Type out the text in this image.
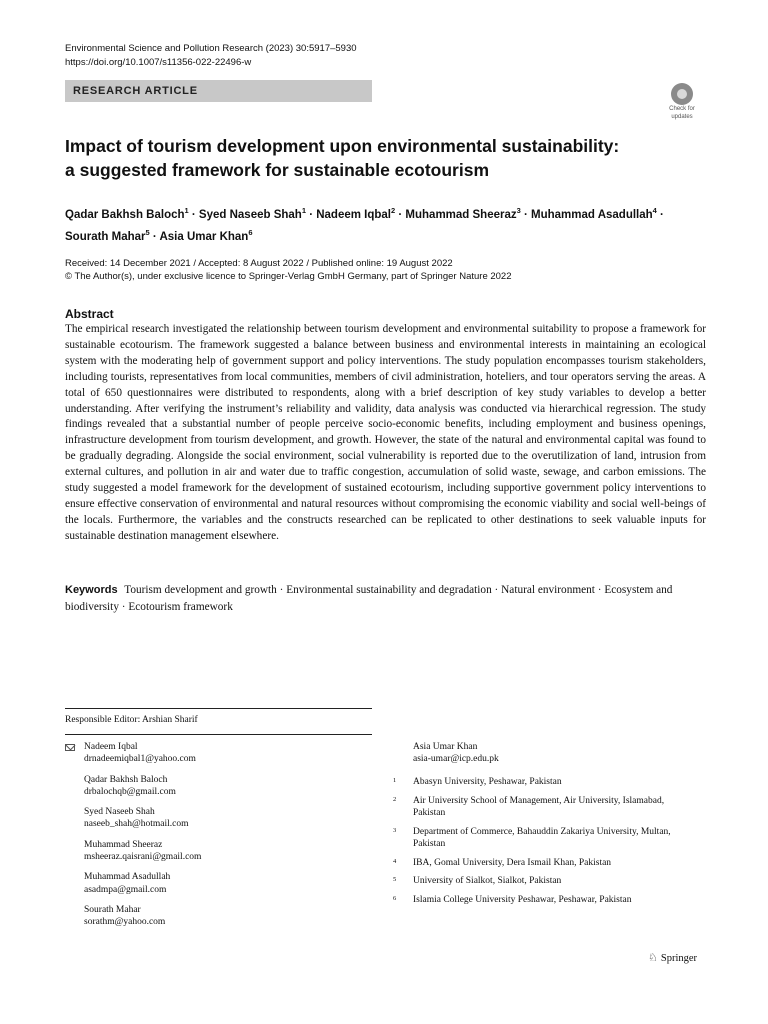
Environmental Science and Pollution Research (2023) 30:5917–5930
https://doi.org/10.1007/s11356-022-22496-w
RESEARCH ARTICLE
Check for
updates
Impact of tourism development upon environmental sustainability:
a suggested framework for sustainable ecotourism
Qadar Bakhsh Baloch$^1$ · Syed Naseeb Shah$^1$ · Nadeem Iqbal$^2$ · Muhammad Sheeraz$^3$ · Muhammad Asadullah$^4$ ·
Sourath Mahar$^5$ · Asia Umar Khan$^6$
Received: 14 December 2021 / Accepted: 8 August 2022 / Published online: 19 August 2022
© The Author(s), under exclusive licence to Springer-Verlag GmbH Germany, part of Springer Nature 2022
Abstract

The empirical research investigated the relationship between tourism development and environmental suitability to propose a framework for sustainable ecotourism. The framework suggested a balance between business and environmental interests in maintaining an ecological system with the moderating help of government support and policy interventions. The study population encompasses tourism stakeholders, including tourists, representatives from local communities, members of civil administration, hoteliers, and tour operators serving the areas. A total of 650 questionnaires were distributed to respondents, along with a brief description of key study variables to develop a better understanding. After verifying the instrument’s reliability and validity, data analysis was conducted via hierarchical regression. The study findings revealed that a substantial number of people perceive socio-economic benefits, including employment and business openings, infrastructure development from tourism development, and growth. However, the state of the natural and environmental capital was found to be gradually degrading. Alongside the social environment, social vulnerability is reported due to the overutilization of land, intrusion from external cultures, and pollution in air and water due to traffic congestion, accumulation of solid waste, sewage, and carbon emissions. The study suggested a model framework for the development of sustained ecotourism, including supportive government policy interventions to ensure effective conservation of environmental and natural resources without compromising the economic viability and social well-beings of the locals. Furthermore, the variables and the constructs researched can be replicated to other destinations to seek valuable inputs for sustainable destination management elsewhere.

Keywords Tourism development and growth · Environmental sustainability and degradation · Natural environment · Ecosystem and biodiversity · Ecotourism framework
Responsible Editor: Arshian Sharif
Nadeem Iqbal
drnadeemiqbal1@yahoo.com
Qadar Bakhsh Baloch
drbalochqb@gmail.com
Syed Naseeb Shah
naseeb_shah@hotmail.com
Muhammad Sheeraz
msheeraz.qaisrani@gmail.com
Muhammad Asadullah
asadmpa@gmail.com
Sourath Mahar
sorathm@yahoo.com
Asia Umar Khan
asia-umar@icp.edu.pk
1	Abasyn University, Peshawar, Pakistan
2	Air University School of Management, Air University, Islamabad, Pakistan
3	Department of Commerce, Bahauddin Zakariya University, Multan, Pakistan
4	IBA, Gomal University, Dera Ismail Khan, Pakistan
5	University of Sialkot, Sialkot, Pakistan
6	Islamia College University Peshawar, Peshawar, Pakistan
♘ Springer
